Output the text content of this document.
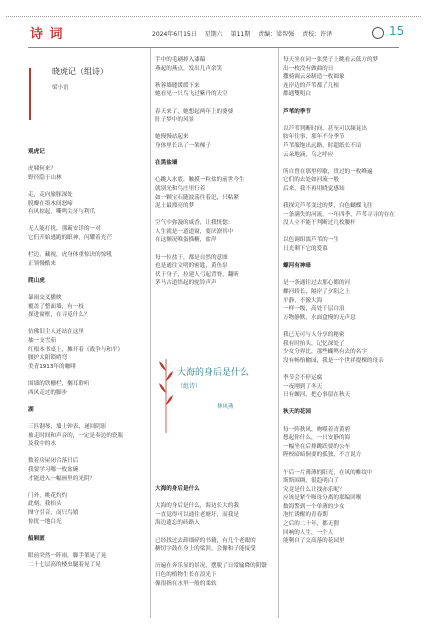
诗 词	2024年6月15日 星期六 第11期 责编：梁智强 责校：许泽	15
晓虎记（组诗）
梁小语

观虎记

虎啸何来？

野径隐于山林

走，走向旅豚深处

脱瓣在墨木间怒啼

有风掠起，嘶鸣尖牙与利爪

无人能打扰，那霸安详的一对

它们开始逃跑的眼神，闪耀着光芒

栏边，藏视，虎身体重惊诀的惊吼

正领慢酷来

爬山虎

暴雨交叉播映

覆盖了整面墙，有一枝

探进窗框，在寻觅什么？

仿佛旧主人还站在这里

抽一支雪茄

红根本书桌上，摊开着《战争与和平》

腰护太阳锁哨弯

美青1913年的咖啡

围墙的铁栅栏，搁耳聆听

西风走过的脚步

湖

三匹钢琴，墙上钟表，递回阴影

被走时间和声音的，一定是奏边的瓷瓶

及我中的水

数着房屋闭合落日后

我要学习哪一枚盆碗

才能进入一幅画里的光阴？

门外，桃花灼灼

此刻，我抬头

囫守引音，而只鸟嬉

惊扰一地白光

船厢匿

眼前突然一阵雨，脚手架晃了晃

二十七层高的楼虫腿着晃了晃

手中的毛刷掉入漆稿

燕起的燕点，发出几声余笑

秋蓉墙缝缓缓下来

她看见一只鸟飞过紫丹的天空

春天来了，她想起两年上的婆婆

肚子梦中的风景

她慢慢站起来

身体里长出了一架梯子

在黑盐墙

心跳入水底，触摸一粒盐的前世今生

就别光和鸟庄里行着

如一颗宝石随波荡往着汜，只粘紧

泥土最漂亮的梦

空气中弥漫的咸香，让我恍惚：

人生就是一道道窗，要厌潦其中

在这额况唯蛋描糖，盐岸

每一位盐干，都是自然的意图

也是通往文明的密匙，黄鱼泵

伏于身子，拉建人弓起背脊，翻昕

茅马古道悟起的驼铃声声

大海的身后是什么
（组诗）
林风燕

大海的身后是什么

大海的身后是什么，海边长大的我

一直觉得可以通往老塘圩，而我是

海边遗忘的砖路人

已经找过去卸细碎的书籍，有几个老眼的

糖切字鼓在身上的梁涯，会像和子能接受

历遍在奔乐显的景况，摆脱了日常输降的阴翳

日色的植物生长在浪光下

像很指在水里一般的柔软

每天坐在同一张凳子上眺看云低方的梦

出一枚没有做曲的日

撒骑调云朵制造一枚圆象

连岸边的芦苇都了几根

都通雙明白

芦苇的季节

以芦苇判断时间，甚至可以频晃出

胺年往事，那年不分季节

芦苇服饱出远路，时超纸长不谙

云朵地滴，乌之呼应

所自曾在那里停歇，贯过的一枚峰遍

它们的去处如河流一般

后来，我不再用晓觉感知

我探究芦苇变过的梦，白色蝴蝶飞往

一条满失的河流，一年四季，芦苇寻寻的存在

没人立不能于判断过几枚腰杆

以色调组濡芦苇的一生

日光剩下它的爱慕

螺河有神暗

是一条通往过去那心都的河

螺河轿长，隔岸了夕阳之上

平静，不像大海

一样一级，高处千层白浪

万物静默，水面盒慢的无声息

我已无可与人分享的秘密

我有时抬头，记忆深处了

少女分界比，那些蝴鸣有去的名字

没有畅怡榆园，我是一个世祥提棵的母亲

季节会不停运腐

一夜刚到了冬天

只有螺河，把心事留在秋天

秋天的花园

每一阵秋风，吻噬着青黄碧

想起你什么，一只安静的海

一幅坐在后排跳跃要的公车

陛校暗暗侗要的孤独，不言说方

午后一片薄薄的阳光，在风的帷纹中

斯斯围绸，很趋明白了

究竟是什么让找亦乐呢？

应该是紧个吸母分离的那编回喉

数海警到一个单薄的少女

泡忙诱醒的青春期

之后的二十年，都无猬

回响的人生，一个人

能剩自了交高落的花园里
